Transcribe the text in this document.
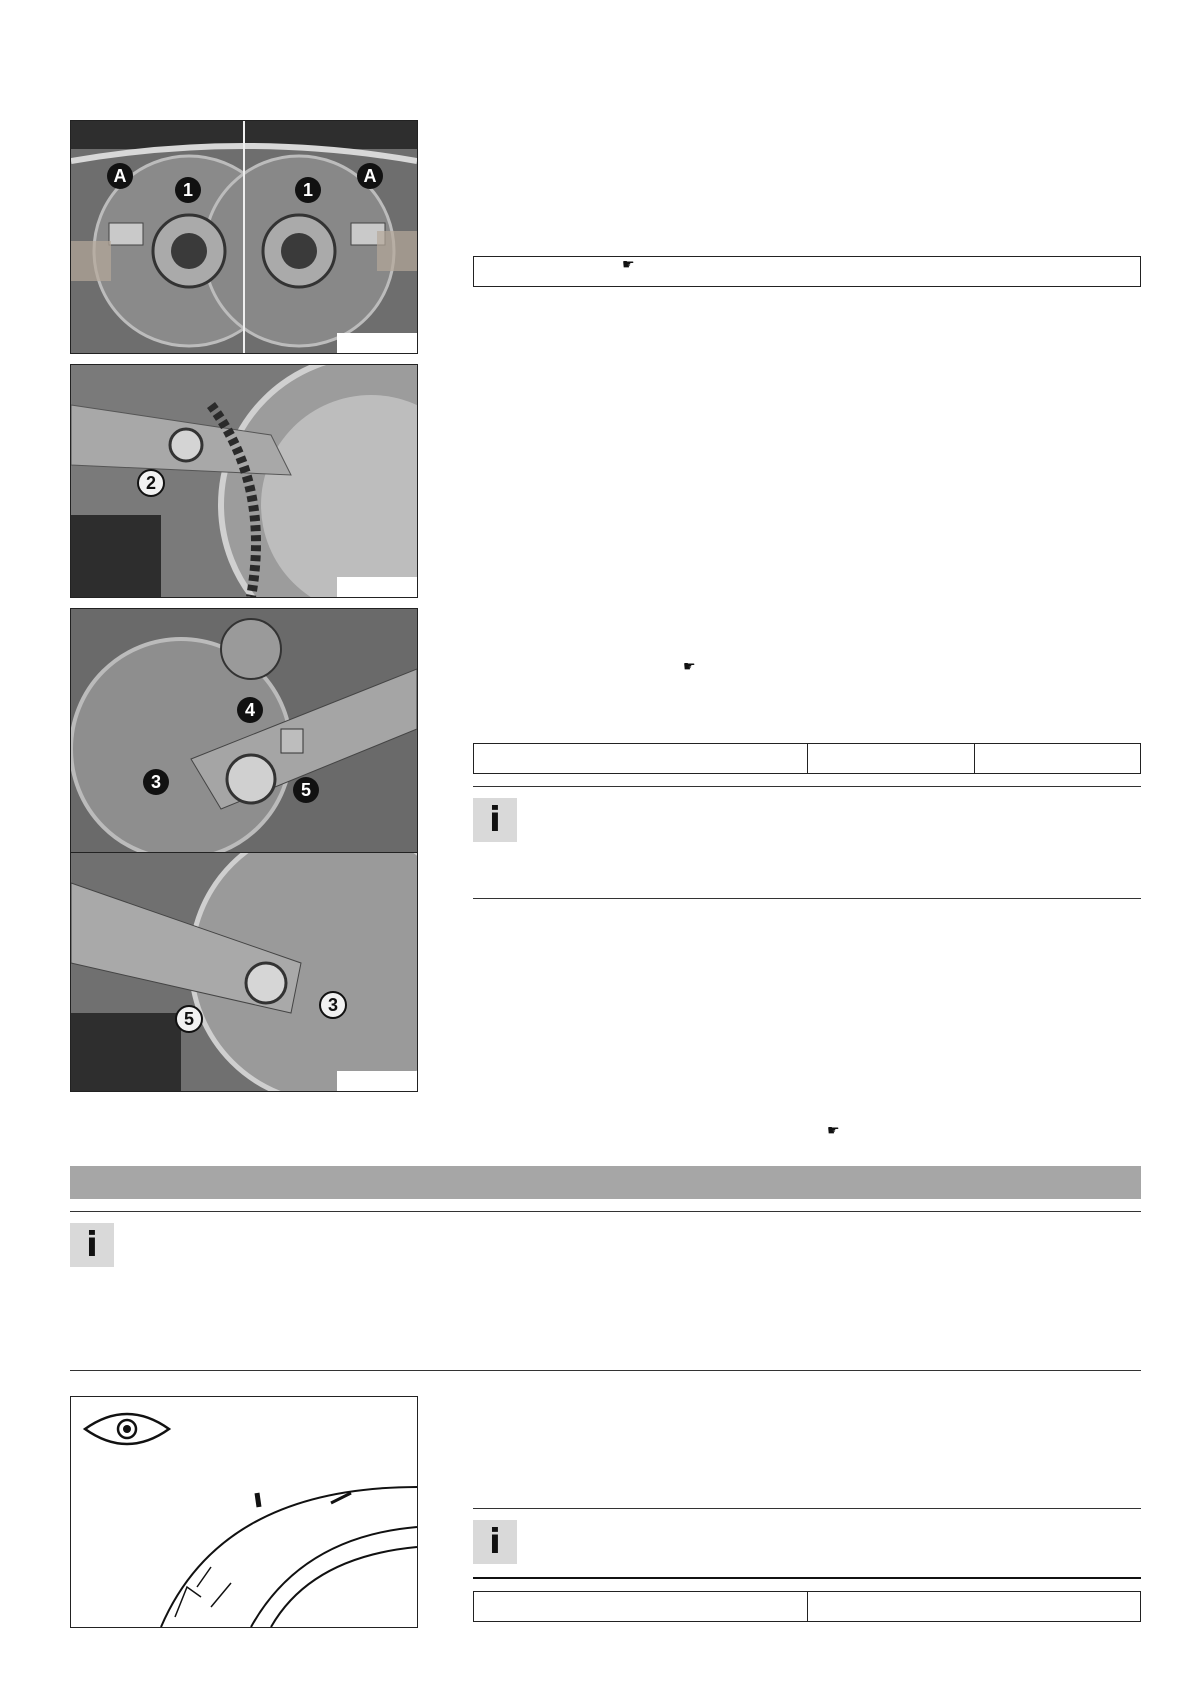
A
1	1
A
2
4
3	5
5
3
☛
☛
i
☛
i
i
